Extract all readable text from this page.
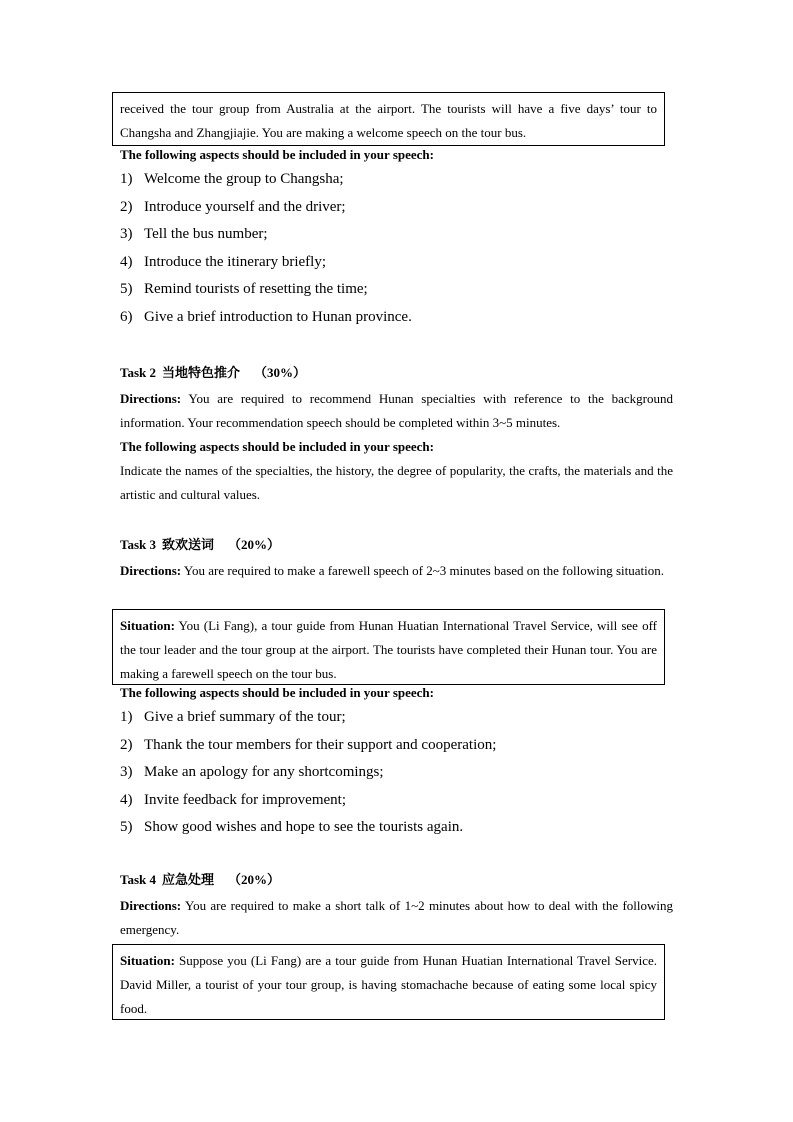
received the tour group from Australia at the airport. The tourists will have a five days’ tour to Changsha and Zhangjiajie. You are making a welcome speech on the tour bus.

The following aspects should be included in your speech:
1) Welcome the group to Changsha;
2) Introduce yourself and the driver;
3) Tell the bus number;
4) Introduce the itinerary briefly;
5) Remind tourists of resetting the time;
6) Give a brief introduction to Hunan province.
Task 2 当地特色推介 （30%）

Directions: You are required to recommend Hunan specialties with reference to the background information. Your recommendation speech should be completed within 3~5 minutes.

The following aspects should be included in your speech:

Indicate the names of the specialties, the history, the degree of popularity, the crafts, the materials and the artistic and cultural values.

Task 3 致欢送词 （20%）

Directions: You are required to make a farewell speech of 2~3 minutes based on the following situation.

Situation: You (Li Fang), a tour guide from Hunan Huatian International Travel Service, will see off the tour leader and the tour group at the airport. The tourists have completed their Hunan tour. You are making a farewell speech on the tour bus.

The following aspects should be included in your speech:
1) Give a brief summary of the tour;
2) Thank the tour members for their support and cooperation;
3) Make an apology for any shortcomings;
4) Invite feedback for improvement;
5) Show good wishes and hope to see the tourists again.
Task 4 应急处理 （20%）

Directions: You are required to make a short talk of 1~2 minutes about how to deal with the following emergency.

Situation: Suppose you (Li Fang) are a tour guide from Hunan Huatian International Travel Service. David Miller, a tourist of your tour group, is having stomachache because of eating some local spicy food.
